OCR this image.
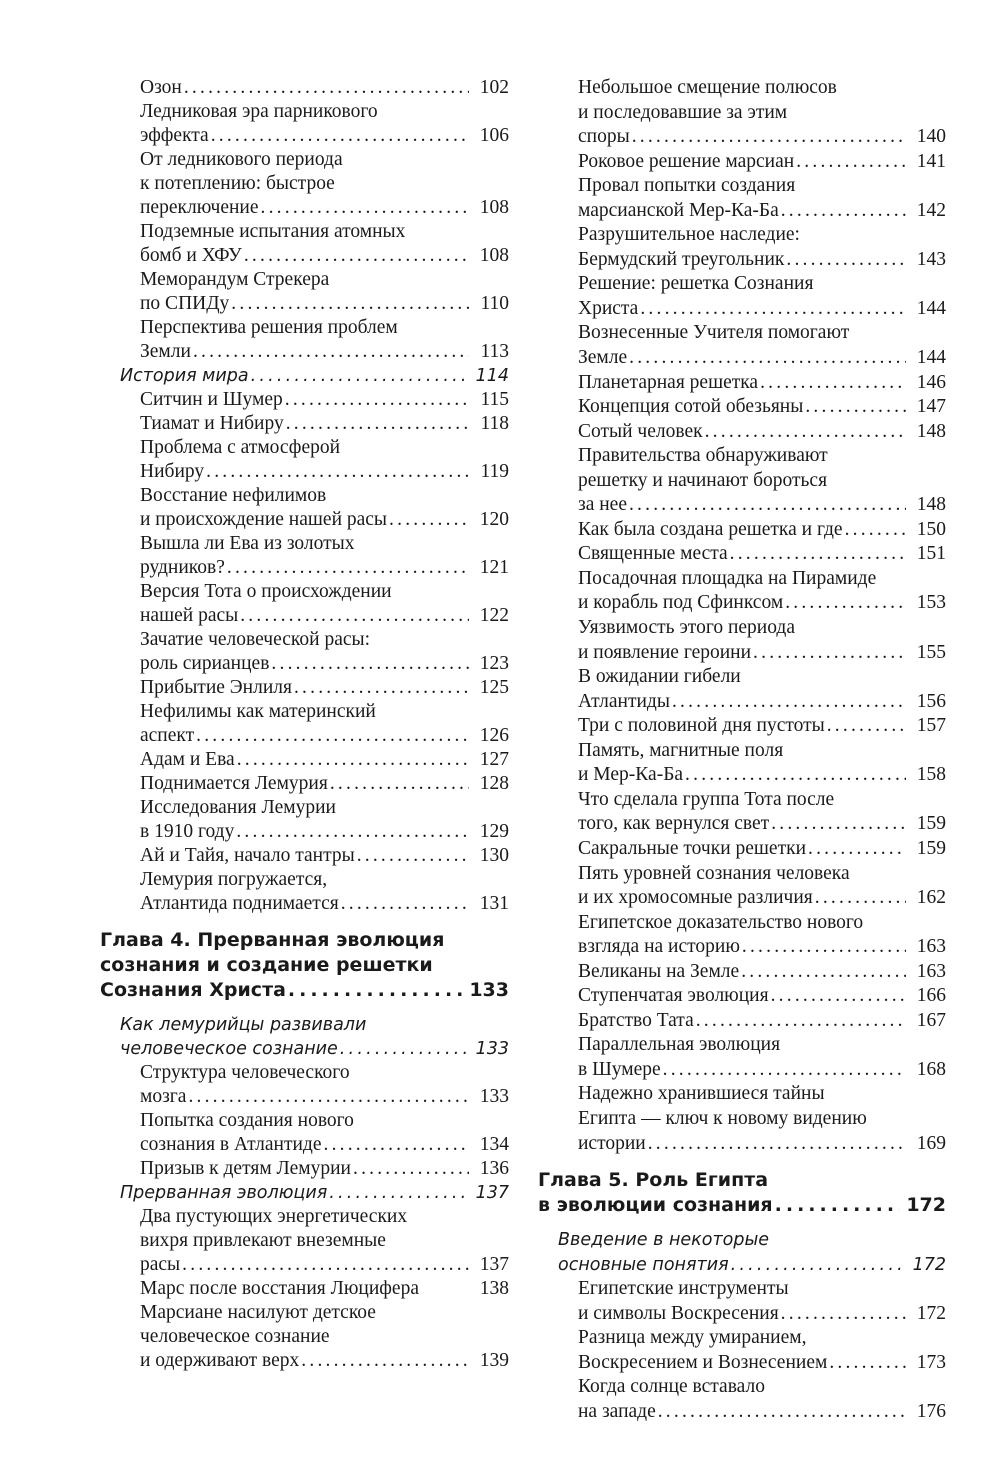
Озон .....	102
Ледниковая эра парникового
эффекта .....	106
От ледникового периода
к потеплению: быстрое
переключение .....	108
Подземные испытания атомных
бомб и ХФУ .....	108
Меморандум Стрекера
по СПИДу .....	110
Перспектива решения проблем
Земли .....	113
История мира .....	114
Ситчин и Шумер .....	115
Тиамат и Нибиру .....	118
Проблема с атмосферой
Нибиру .....	119
Восстание нефилимов
и происхождение нашей расы .....	120
Вышла ли Ева из золотых
рудников? .....	121
Версия Тота о происхождении
нашей расы .....	122
Зачатие человеческой расы:
роль сирианцев .....	123
Прибытие Энлиля .....	125
Нефилимы как материнский
аспект .....	126
Адам и Ева .....	127
Поднимается Лемурия .....	128
Исследования Лемурии
в 1910 году .....	129
Ай и Тайя, начало тантры .....	130
Лемурия погружается,
Атлантида поднимается .....	131
Глава 4. Прерванная эволюция
сознания и создание решетки
Сознания Христа .....	133
Как лемурийцы развивали
человеческое сознание .....	133
Структура человеческого
мозга .....	133
Попытка создания нового
сознания в Атлантиде .....	134
Призыв к детям Лемурии .....	136
Прерванная эволюция .....	137
Два пустующих энергетических
вихря привлекают внеземные
расы .....	137
Марс после восстания Люцифера	138
Марсиане насилуют детское
человеческое сознание
и одерживают верх .....	139
Небольшое смещение полюсов
и последовавшие за этим
споры .....	140
Роковое решение марсиан .....	141
Провал попытки создания
марсианской Мер-Ка-Ба .....	142
Разрушительное наследие:
Бермудский треугольник .....	143
Решение: решетка Сознания
Христа .....	144
Вознесенные Учителя помогают
Земле .....	144
Планетарная решетка .....	146
Концепция сотой обезьяны .....	147
Сотый человек .....	148
Правительства обнаруживают
решетку и начинают бороться
за нее .....	148
Как была создана решетка и где .....	150
Священные места .....	151
Посадочная площадка на Пирамиде
и корабль под Сфинксом .....	153
Уязвимость этого периода
и появление героини .....	155
В ожидании гибели
Атлантиды .....	156
Три с половиной дня пустоты .....	157
Память, магнитные поля
и Мер-Ка-Ба .....	158
Что сделала группа Тота после
того, как вернулся свет .....	159
Сакральные точки решетки .....	159
Пять уровней сознания человека
и их хромосомные различия .....	162
Египетское доказательство нового
взгляда на историю .....	163
Великаны на Земле .....	163
Ступенчатая эволюция .....	166
Братство Тата .....	167
Параллельная эволюция
в Шумере .....	168
Надежно хранившиеся тайны
Египта — ключ к новому видению
истории .....	169
Глава 5. Роль Египта
в эволюции сознания .....	172
Введение в некоторые
основные понятия .....	172
Египетские инструменты
и символы Воскресения .....	172
Разница между умиранием,
Воскресением и Вознесением .....	173
Когда солнце вставало
на западе .....	176
